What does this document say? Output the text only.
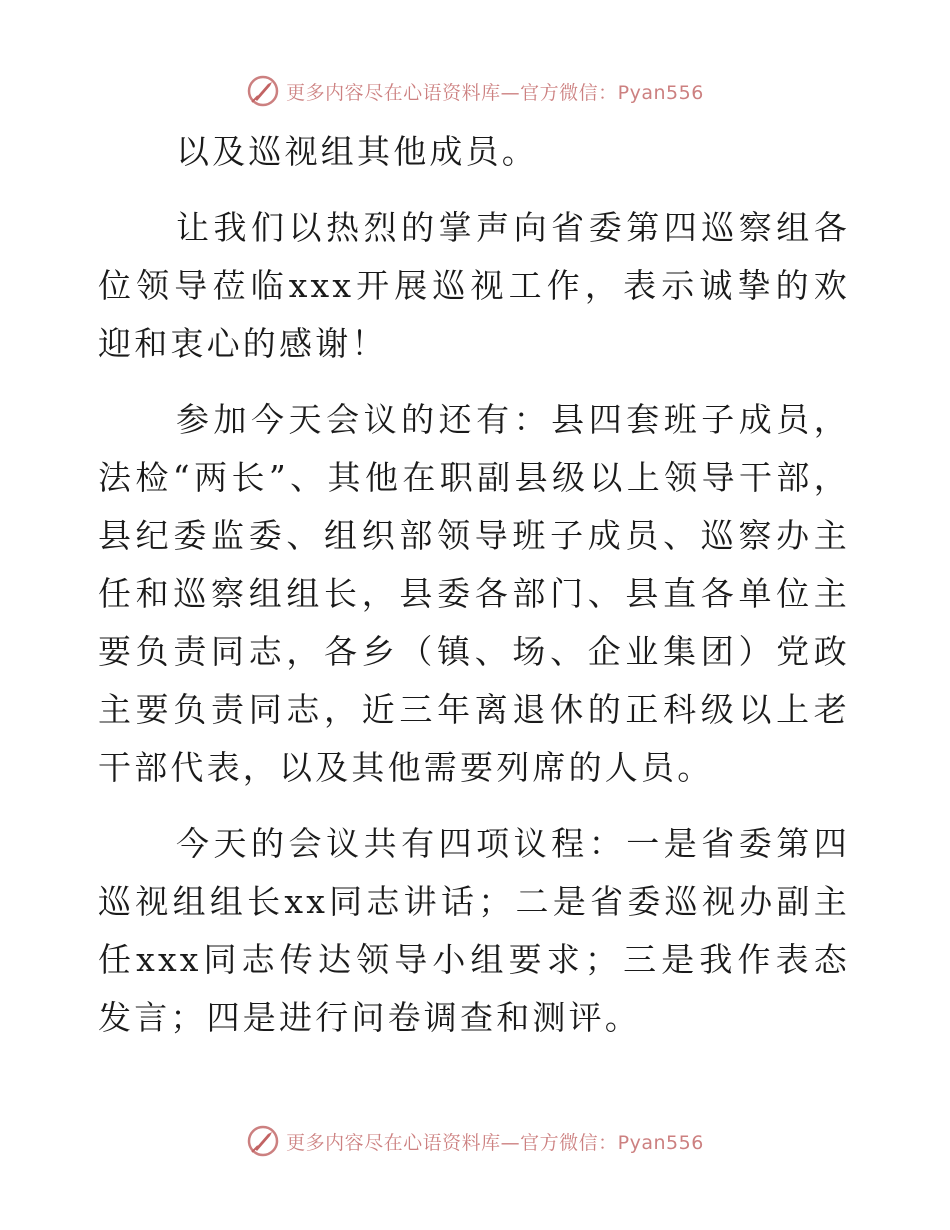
更多内容尽在心语资料库—官方微信：Pyan556

以及巡视组其他成员。

让我们以热烈的掌声向省委第四巡察组各位领导莅临xxx开展巡视工作，表示诚挚的欢迎和衷心的感谢！

参加今天会议的还有：县四套班子成员，法检“两长”、其他在职副县级以上领导干部，县纪委监委、组织部领导班子成员、巡察办主任和巡察组组长，县委各部门、县直各单位主要负责同志，各乡（镇、场、企业集团）党政主要负责同志，近三年离退休的正科级以上老干部代表，以及其他需要列席的人员。

今天的会议共有四项议程：一是省委第四巡视组组长xx同志讲话；二是省委巡视办副主任xxx同志传达领导小组要求；三是我作表态发言；四是进行问卷调查和测评。

更多内容尽在心语资料库—官方微信：Pyan556
